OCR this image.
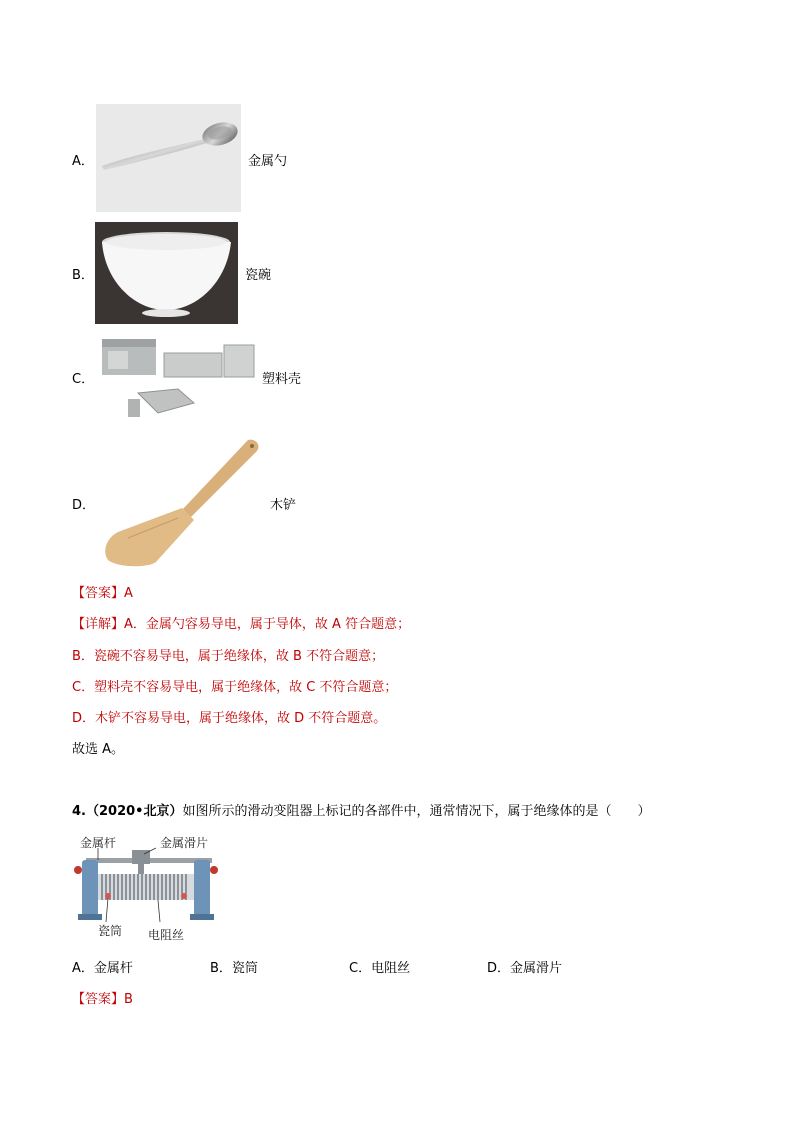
A．	金属勺
B．	瓷碗
C．	塑料壳
D．	木铲
【答案】A
【详解】A．金属勺容易导电，属于导体，故 A 符合题意；
B．瓷碗不容易导电，属于绝缘体，故 B 不符合题意；
C．塑料壳不容易导电，属于绝缘体，故 C 不符合题意；
D．木铲不容易导电，属于绝缘体，故 D 不符合题意。
故选 A。
4.（2020•北京）如图所示的滑动变阻器上标记的各部件中，通常情况下，属于绝缘体的是（　　）
金属杆	金属滑片
瓷筒 电阻丝
A．金属杆	B．瓷筒	C．电阻丝	D．金属滑片
【答案】B
